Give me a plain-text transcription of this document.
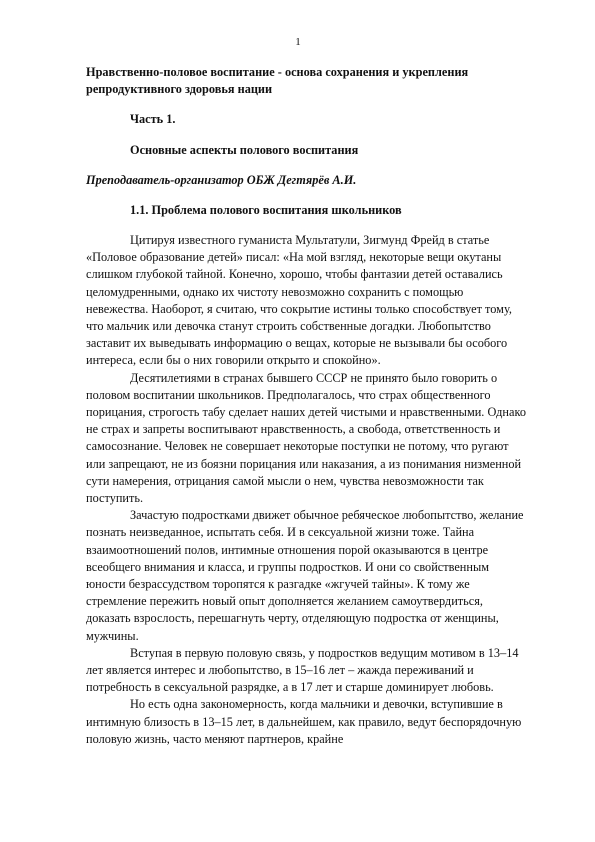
1
Нравственно-половое воспитание - основа сохранения и укрепления репродуктивного здоровья нации
Часть 1.
Основные аспекты полового воспитания
Преподаватель-организатор ОБЖ Дегтярёв А.И.
1.1. Проблема полового воспитания школьников

Цитируя известного гуманиста Мультатули, Зигмунд Фрейд в статье «Половое образование детей» писал: «На мой взгляд, некоторые вещи окутаны слишком глубокой тайной. Конечно, хорошо, чтобы фантазии детей оставались целомудренными, однако их чистоту невозможно сохранить с помощью невежества. Наоборот, я считаю, что сокрытие истины только способствует тому, что мальчик или девочка станут строить собственные догадки. Любопытство заставит их выведывать информацию о вещах, которые не вызывали бы особого интереса, если бы о них говорили открыто и спокойно».

Десятилетиями в странах бывшего СССР не принято было говорить о половом воспитании школьников. Предполагалось, что страх общественного порицания, строгость табу сделает наших детей чистыми и нравственными. Однако не страх и запреты воспитывают нравственность, а свобода, ответственность и самосознание. Человек не совершает некоторые поступки не потому, что ругают или запрещают, не из боязни порицания или наказания, а из понимания низменной сути намерения, отрицания самой мысли о нем, чувства невозможности так поступить.

Зачастую подростками движет обычное ребяческое любопытство, желание познать неизведанное, испытать себя. И в сексуальной жизни тоже. Тайна взаимоотношений полов, интимные отношения порой оказываются в центре всеобщего внимания и класса, и группы подростков. И они со свойственным юности безрассудством торопятся к разгадке «жгучей тайны». К тому же стремление пережить новый опыт дополняется желанием самоутвердиться, доказать взрослость, перешагнуть черту, отделяющую подростка от женщины, мужчины.

Вступая в первую половую связь, у подростков ведущим мотивом в 13–14 лет является интерес и любопытство, в 15–16 лет – жажда переживаний и потребность в сексуальной разрядке, а в 17 лет и старше доминирует любовь.

Но есть одна закономерность, когда мальчики и девочки, вступившие в интимную близость в 13–15 лет, в дальнейшем, как правило, ведут беспорядочную половую жизнь, часто меняют партнеров, крайне
